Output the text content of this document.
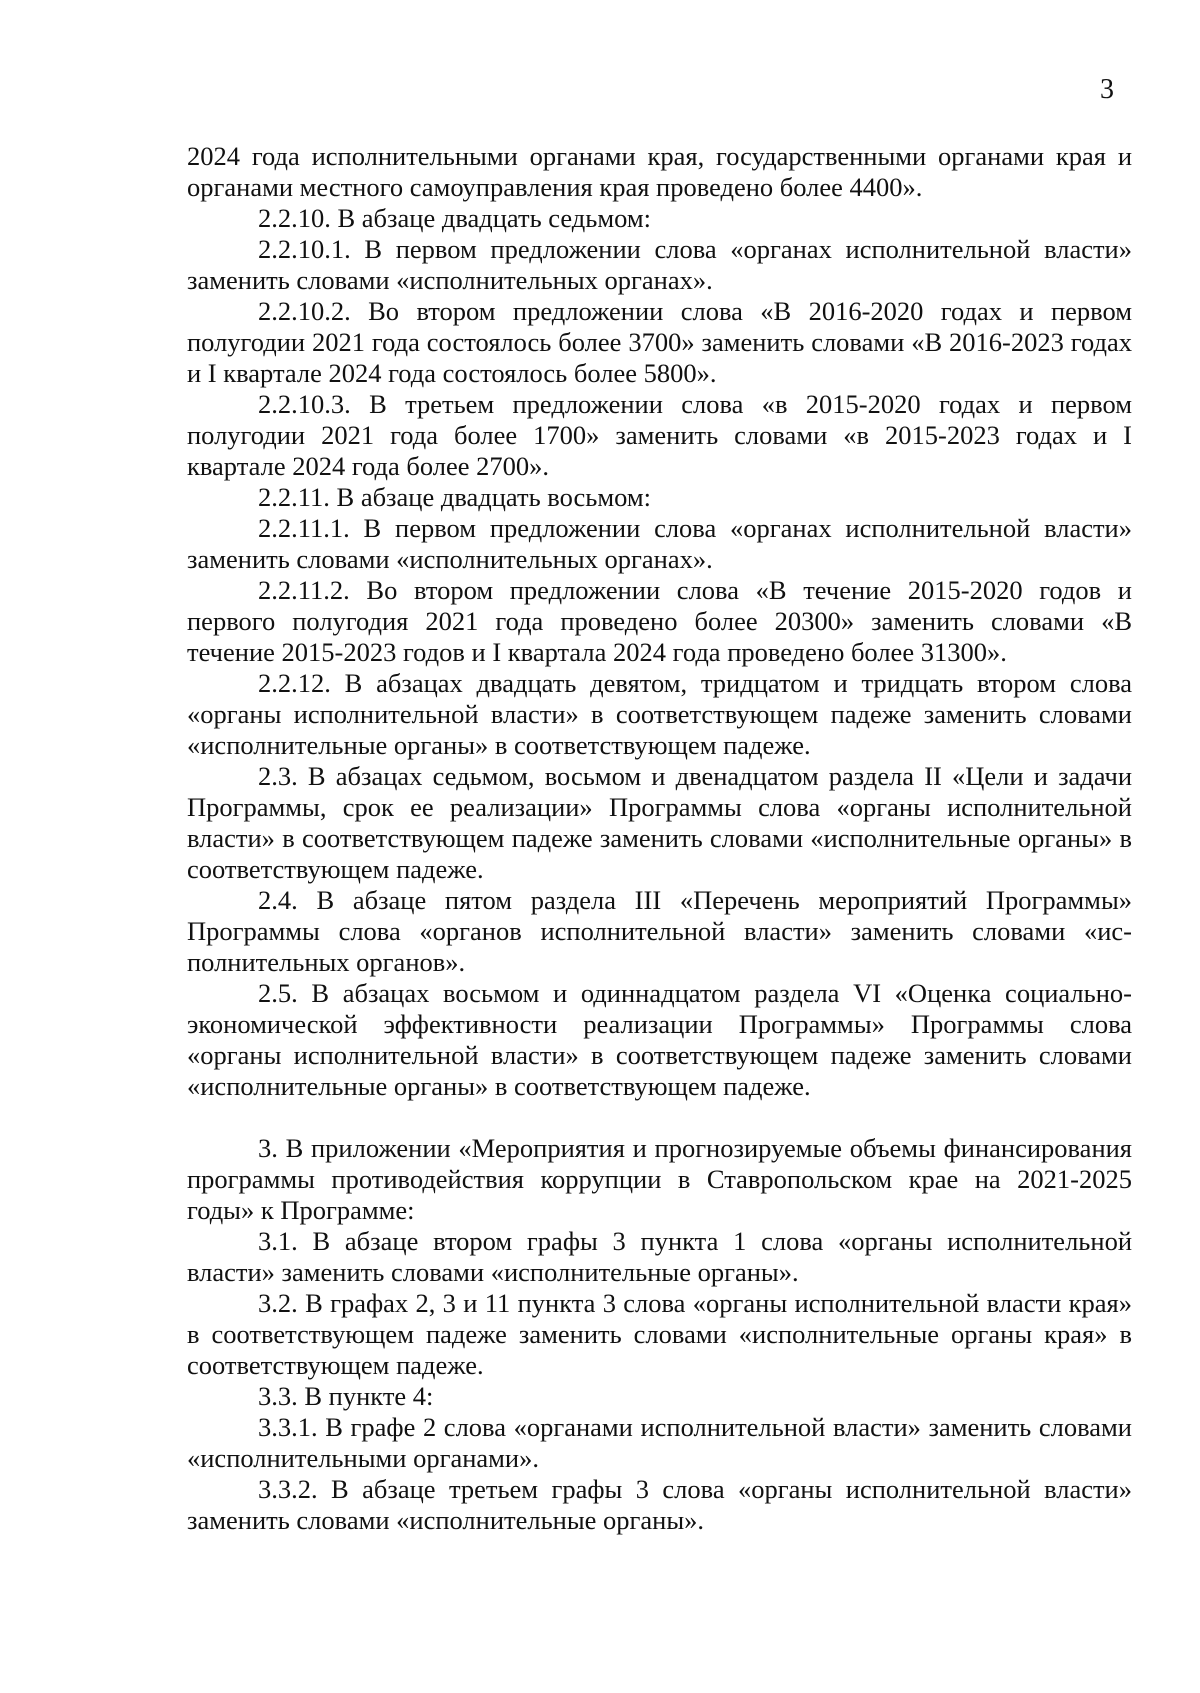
3

2024 года исполнительными органами края, государственными органами края и органами местного самоуправления края проведено более 4400».

2.2.10. В абзаце двадцать седьмом:

2.2.10.1. В первом предложении слова «органах исполнительной власти» заменить словами «исполнительных органах».

2.2.10.2. Во втором предложении слова «В 2016-2020 годах и первом полугодии 2021 года состоялось более 3700» заменить словами «В 2016-2023 годах и I квартале 2024 года состоялось более 5800».

2.2.10.3. В третьем предложении слова «в 2015-2020 годах и первом полугодии 2021 года более 1700» заменить словами «в 2015-2023 годах и I квартале 2024 года более 2700».

2.2.11. В абзаце двадцать восьмом:

2.2.11.1. В первом предложении слова «органах исполнительной власти» заменить словами «исполнительных органах».

2.2.11.2. Во втором предложении слова «В течение 2015-2020 годов и первого полугодия 2021 года проведено более 20300» заменить словами «В течение 2015-2023 годов и I квартала 2024 года проведено более 31300».

2.2.12. В абзацах двадцать девятом, тридцатом и тридцать втором слова «органы исполнительной власти» в соответствующем падеже заменить словами «исполнительные органы» в соответствующем падеже.

2.3. В абзацах седьмом, восьмом и двенадцатом раздела II «Цели и задачи Программы, срок ее реализации» Программы слова «органы исполнительной власти» в соответствующем падеже заменить словами «исполнительные органы» в соответствующем падеже.

2.4. В абзаце пятом раздела III «Перечень мероприятий Программы» Программы слова «органов исполнительной власти» заменить словами «исполнительных органов».

2.5. В абзацах восьмом и одиннадцатом раздела VI «Оценка социально-экономической эффективности реализации Программы» Программы слова «органы исполнительной власти» в соответствующем падеже заменить словами «исполнительные органы» в соответствующем падеже.

3. В приложении «Мероприятия и прогнозируемые объемы финансирования программы противодействия коррупции в Ставропольском крае на 2021-2025 годы» к Программе:

3.1. В абзаце втором графы 3 пункта 1 слова «органы исполнительной власти» заменить словами «исполнительные органы».

3.2. В графах 2, 3 и 11 пункта 3 слова «органы исполнительной власти края» в соответствующем падеже заменить словами «исполнительные органы края» в соответствующем падеже.

3.3. В пункте 4:

3.3.1. В графе 2 слова «органами исполнительной власти» заменить словами «исполнительными органами».

3.3.2. В абзаце третьем графы 3 слова «органы исполнительной власти» заменить словами «исполнительные органы».
